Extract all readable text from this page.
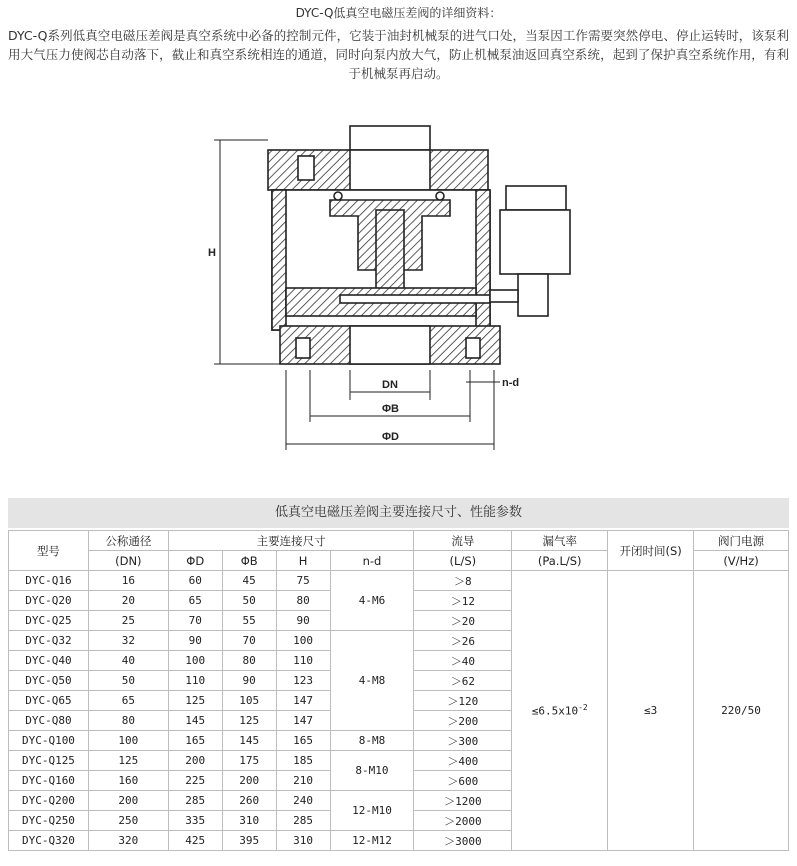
DYC-Q低真空电磁压差阀的详细资料：
DYC-Q系列低真空电磁压差阀是真空系统中必备的控制元件，它装于油封机械泵的进气口处，当泵因工作需要突然停电、停止运转时，该泵利用大气压力使阀芯自动落下，截止和真空系统相连的通道，同时向泵内放大气，防止机械泵油返回真空系统，起到了保护真空系统作用，有利于机械泵再启动。
H
DN	n-d
ΦB
ΦD
低真空电磁压差阀主要连接尺寸、性能参数
型号	公称通径	主要连接尺寸				流导	漏气率	开闭时间(S)	阀门电源
	(DN)	ΦD	ΦB	H	n-d	(L/S)	(Pa.L/S)		(V/Hz)
DYC-Q16	16	60	45	75	4-M6	＞8	$\le 6.5x10^{-2}$	≤3	220/50
DYC-Q20	20	65	50	80		＞12			
DYC-Q25	25	70	55	90		＞20			
DYC-Q32	32	90	70	100	4-M8	＞26			
DYC-Q40	40	100	80	110		＞40			
DYC-Q50	50	110	90	123		＞62			
DYC-Q65	65	125	105	147		＞120			
DYC-Q80	80	145	125	147		＞200			
DYC-Q100	100	165	145	165	8-M8	＞300			
DYC-Q125	125	200	175	185	8-M10	＞400			
DYC-Q160	160	225	200	210		＞600			
DYC-Q200	200	285	260	240	12-M10	＞1200			
DYC-Q250	250	335	310	285		＞2000			
DYC-Q320	320	425	395	310	12-M12	＞3000			
